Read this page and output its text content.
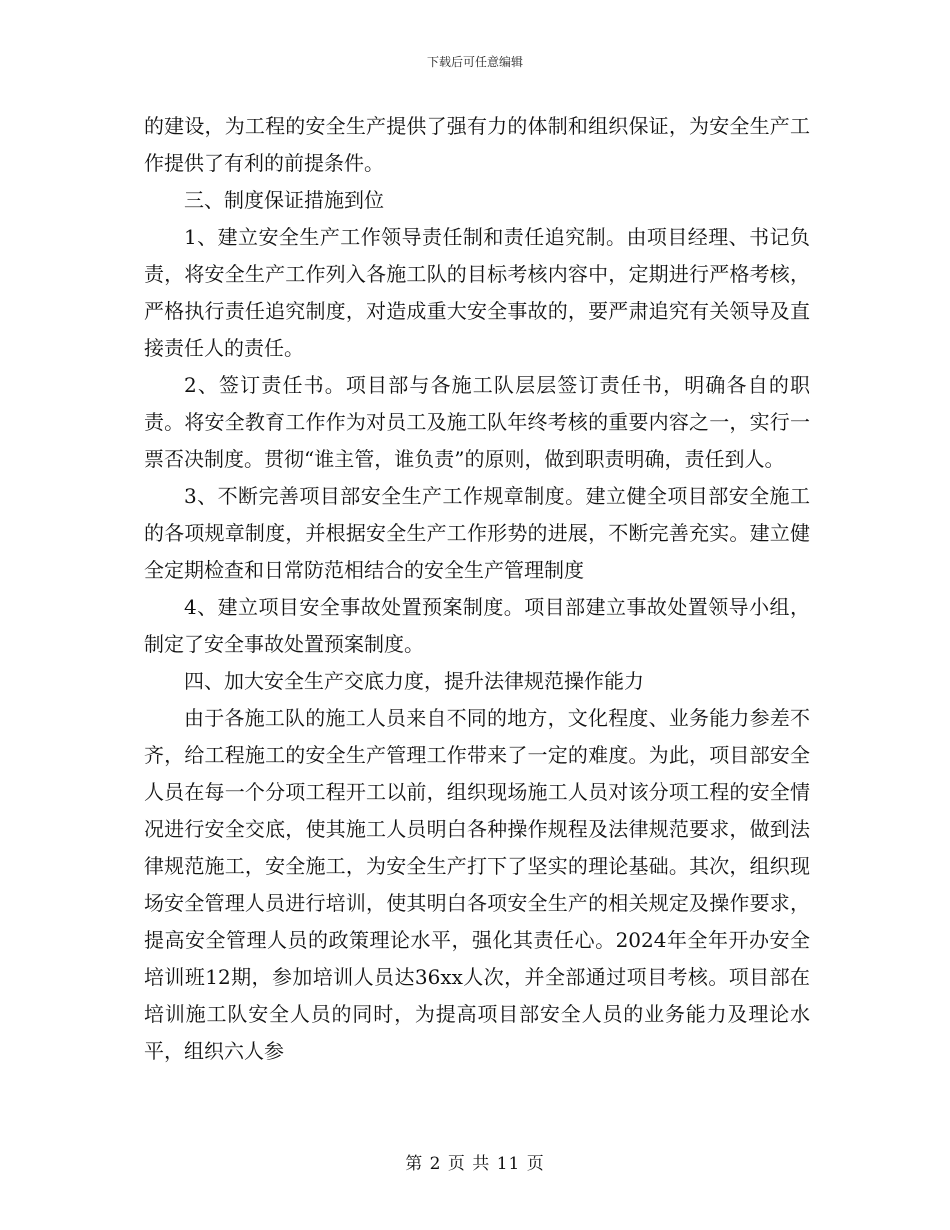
下载后可任意编辑

的建设，为工程的安全生产提供了强有力的体制和组织保证，为安全生产工作提供了有利的前提条件。

三、制度保证措施到位

1、建立安全生产工作领导责任制和责任追究制。由项目经理、书记负责，将安全生产工作列入各施工队的目标考核内容中，定期进行严格考核，严格执行责任追究制度，对造成重大安全事故的，要严肃追究有关领导及直接责任人的责任。

2、签订责任书。项目部与各施工队层层签订责任书，明确各自的职责。将安全教育工作作为对员工及施工队年终考核的重要内容之一，实行一票否决制度。贯彻“谁主管，谁负责”的原则，做到职责明确，责任到人。

3、不断完善项目部安全生产工作规章制度。建立健全项目部安全施工的各项规章制度，并根据安全生产工作形势的进展，不断完善充实。建立健全定期检查和日常防范相结合的安全生产管理制度

4、建立项目安全事故处置预案制度。项目部建立事故处置领导小组，制定了安全事故处置预案制度。

四、加大安全生产交底力度，提升法律规范操作能力

由于各施工队的施工人员来自不同的地方，文化程度、业务能力参差不齐，给工程施工的安全生产管理工作带来了一定的难度。为此，项目部安全人员在每一个分项工程开工以前，组织现场施工人员对该分项工程的安全情况进行安全交底，使其施工人员明白各种操作规程及法律规范要求，做到法律规范施工，安全施工，为安全生产打下了坚实的理论基础。其次，组织现场安全管理人员进行培训，使其明白各项安全生产的相关规定及操作要求，提高安全管理人员的政策理论水平，强化其责任心。2024年全年开办安全培训班12期，参加培训人员达36xx人次，并全部通过项目考核。项目部在培训施工队安全人员的同时，为提高项目部安全人员的业务能力及理论水平，组织六人参

第 2 页 共 11 页
